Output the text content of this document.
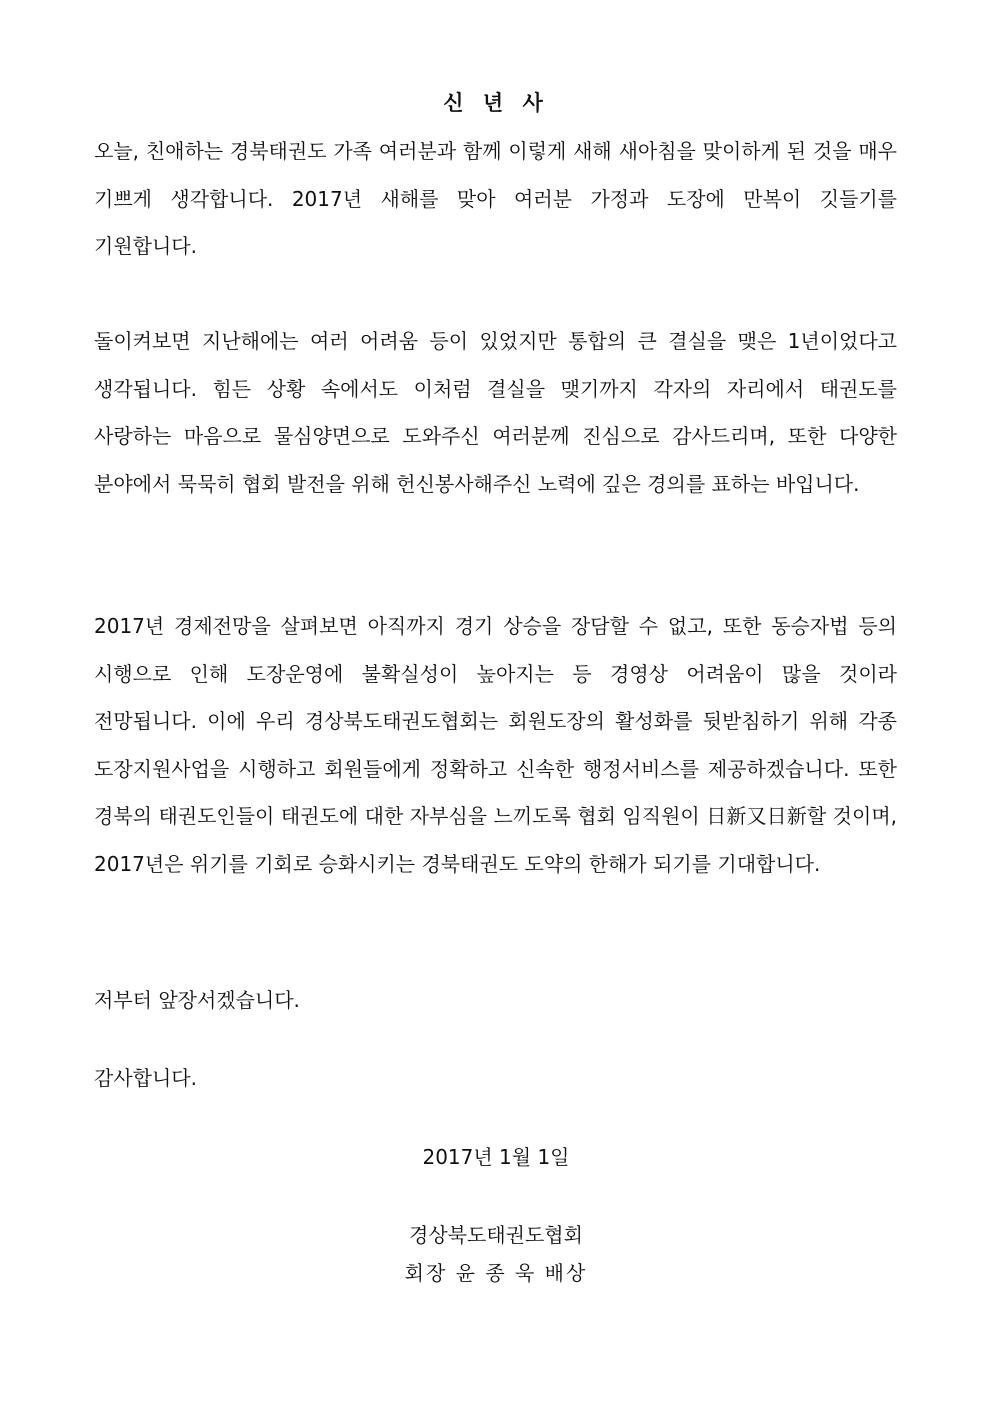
신 년 사

오늘, 친애하는 경북태권도 가족 여러분과 함께 이렇게 새해 새아침을 맞이하게 된 것을 매우 기쁘게 생각합니다. 2017년 새해를 맞아 여러분 가정과 도장에 만복이 깃들기를 기원합니다.

돌이켜보면 지난해에는 여러 어려움 등이 있었지만 통합의 큰 결실을 맺은 1년이었다고 생각됩니다. 힘든 상황 속에서도 이처럼 결실을 맺기까지 각자의 자리에서 태권도를 사랑하는 마음으로 물심양면으로 도와주신 여러분께 진심으로 감사드리며, 또한 다양한 분야에서 묵묵히 협회 발전을 위해 헌신봉사해주신 노력에 깊은 경의를 표하는 바입니다.

2017년 경제전망을 살펴보면 아직까지 경기 상승을 장담할 수 없고, 또한 동승자법 등의 시행으로 인해 도장운영에 불확실성이 높아지는 등 경영상 어려움이 많을 것이라 전망됩니다. 이에 우리 경상북도태권도협회는 회원도장의 활성화를 뒷받침하기 위해 각종 도장지원사업을 시행하고 회원들에게 정확하고 신속한 행정서비스를 제공하겠습니다. 또한 경북의 태권도인들이 태권도에 대한 자부심을 느끼도록 협회 임직원이 日新又日新할 것이며, 2017년은 위기를 기회로 승화시키는 경북태권도 도약의 한해가 되기를 기대합니다.

저부터 앞장서겠습니다.

감사합니다.

2017년 1월 1일
경상북도태권도협회
회장 윤 종 욱 배상
